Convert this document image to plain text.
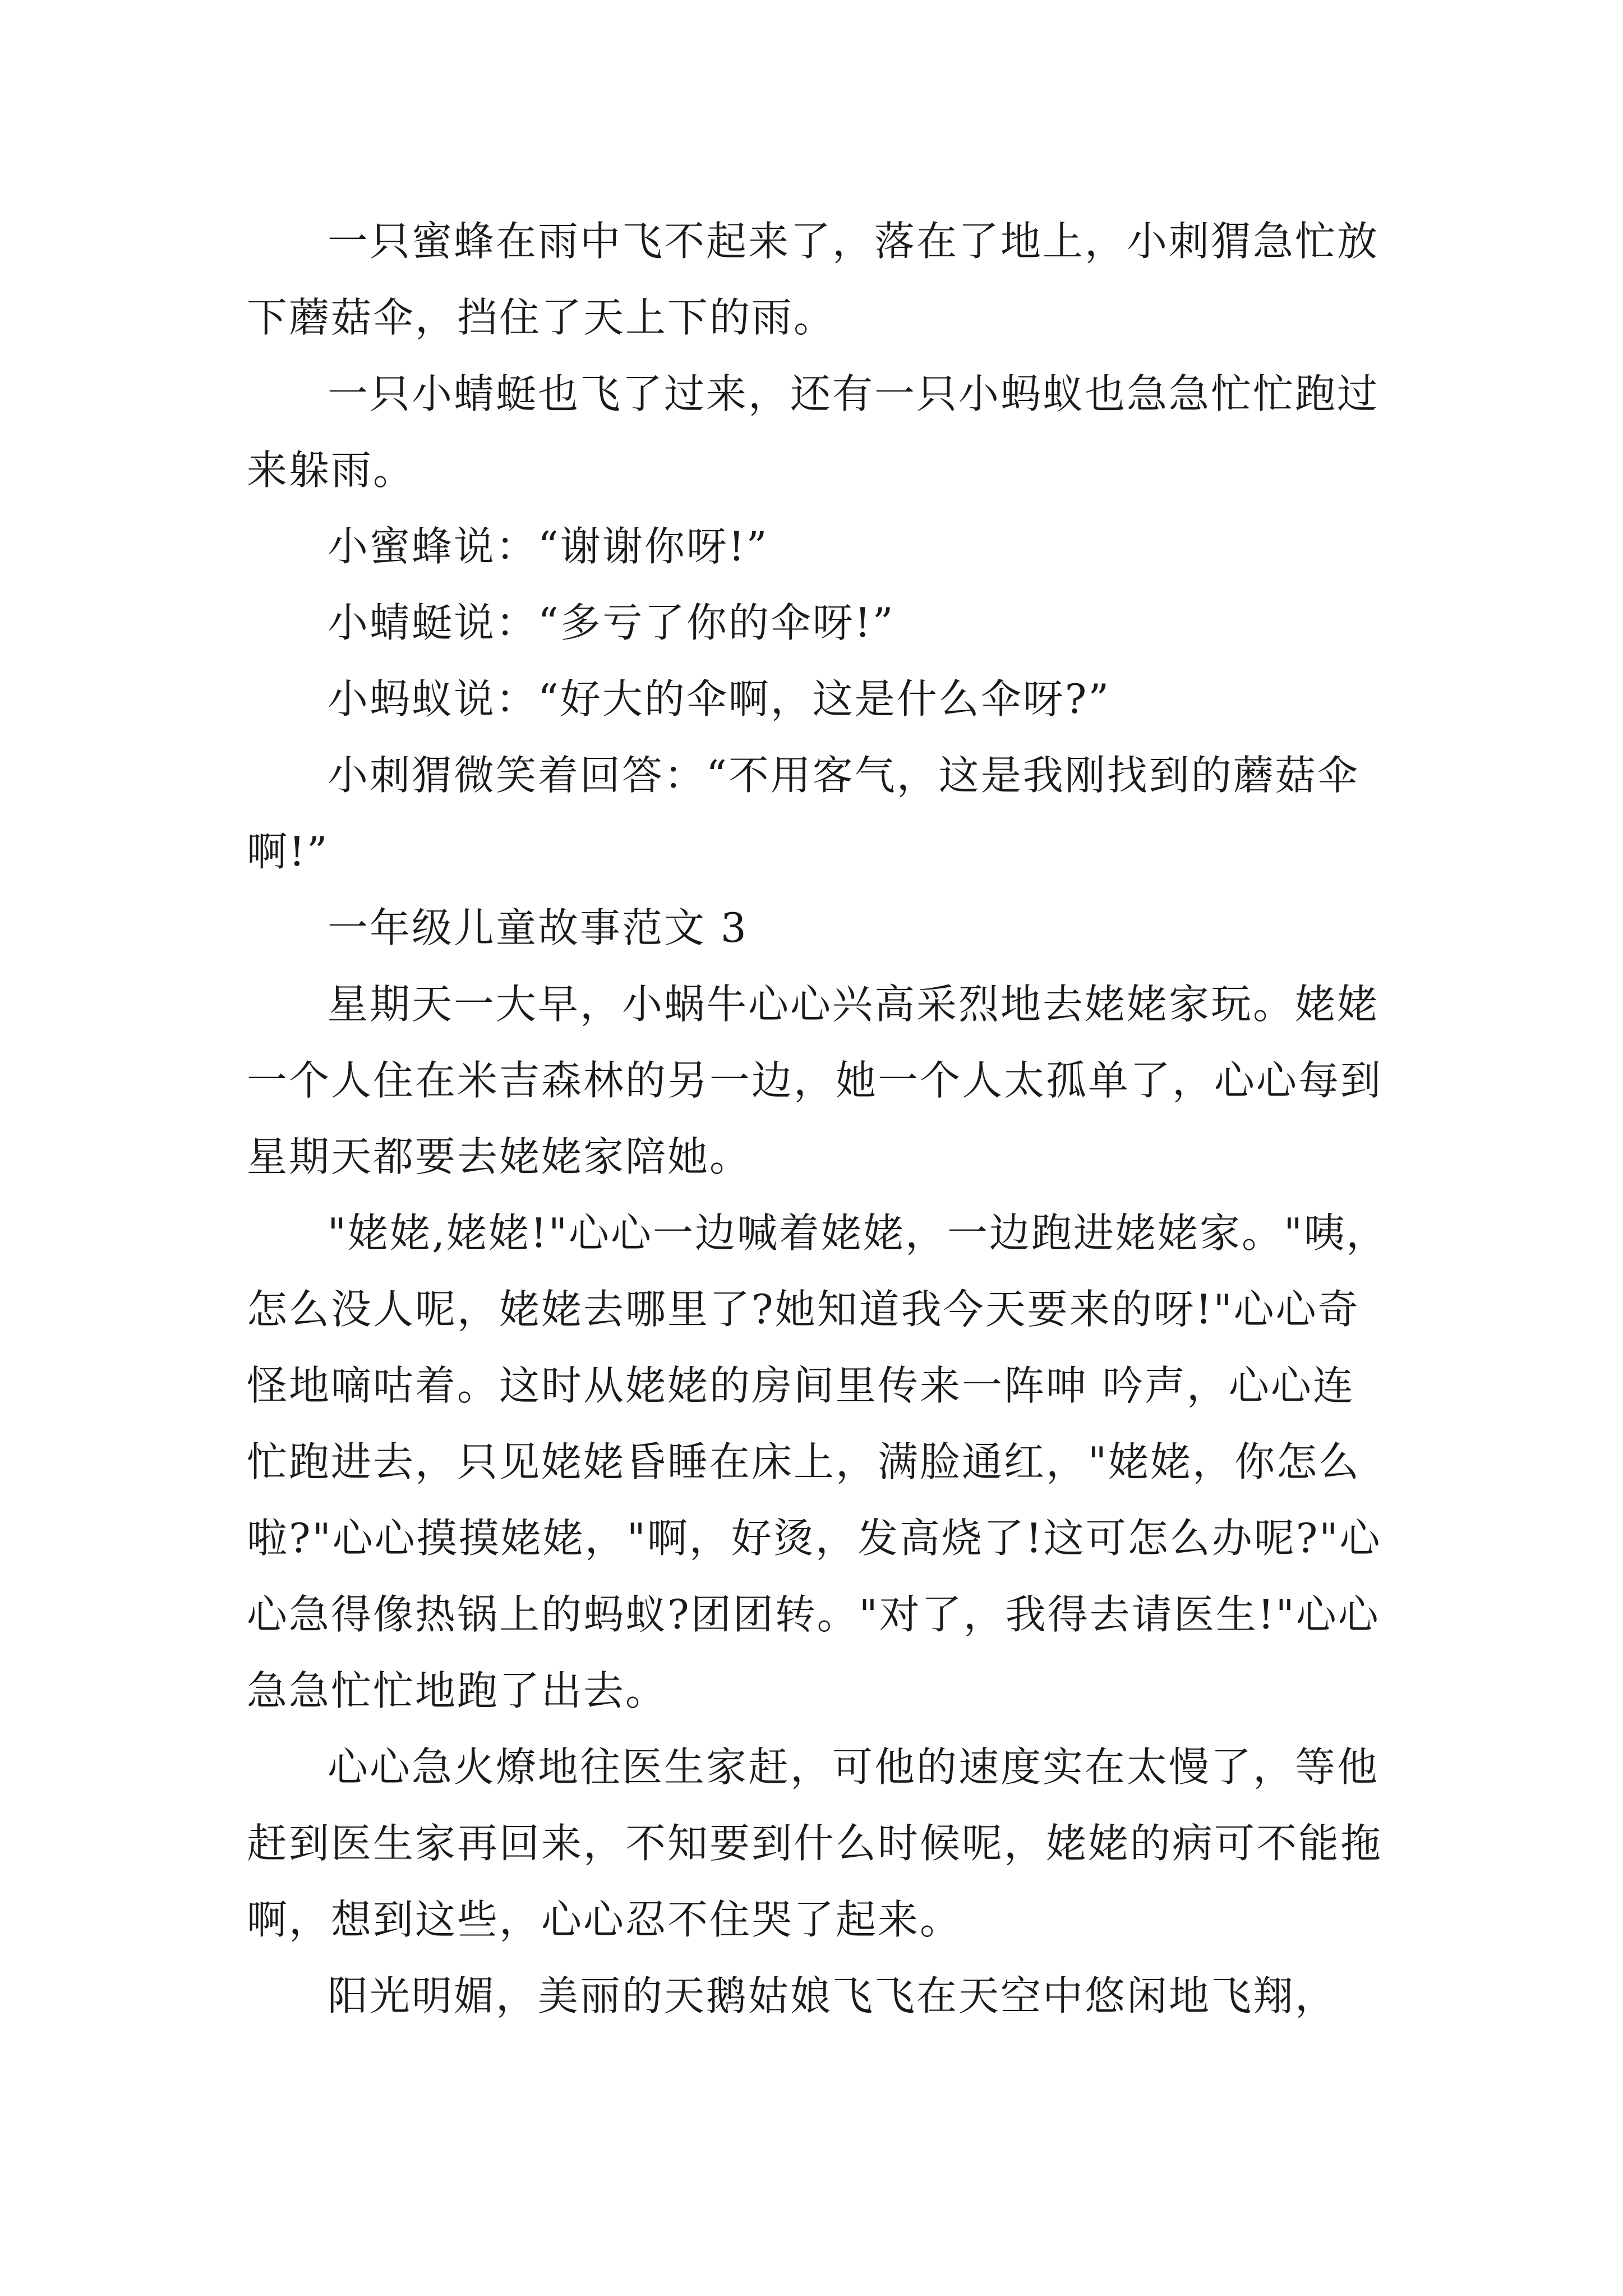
一只蜜蜂在雨中飞不起来了，落在了地上，小刺猬急忙放下蘑菇伞，挡住了天上下的雨。

一只小蜻蜓也飞了过来，还有一只小蚂蚁也急急忙忙跑过来躲雨。

小蜜蜂说：“谢谢你呀!”

小蜻蜓说：“多亏了你的伞呀!”

小蚂蚁说：“好大的伞啊，这是什么伞呀?”

小刺猬微笑着回答：“不用客气，这是我刚找到的蘑菇伞啊!”

一年级儿童故事范文 3

星期天一大早，小蜗牛心心兴高采烈地去姥姥家玩。姥姥一个人住在米吉森林的另一边，她一个人太孤单了，心心每到星期天都要去姥姥家陪她。

"姥姥,姥姥!"心心一边喊着姥姥，一边跑进姥姥家。"咦，怎么没人呢，姥姥去哪里了?她知道我今天要来的呀!"心心奇怪地嘀咕着。这时从姥姥的房间里传来一阵呻 吟声，心心连忙跑进去，只见姥姥昏睡在床上，满脸通红，"姥姥，你怎么啦?"心心摸摸姥姥，"啊，好烫，发高烧了!这可怎么办呢?"心心急得像热锅上的蚂蚁?团团转。"对了，我得去请医生!"心心急急忙忙地跑了出去。

心心急火燎地往医生家赶，可他的速度实在太慢了，等他赶到医生家再回来，不知要到什么时候呢，姥姥的病可不能拖啊，想到这些，心心忍不住哭了起来。

阳光明媚，美丽的天鹅姑娘飞飞在天空中悠闲地飞翔，
